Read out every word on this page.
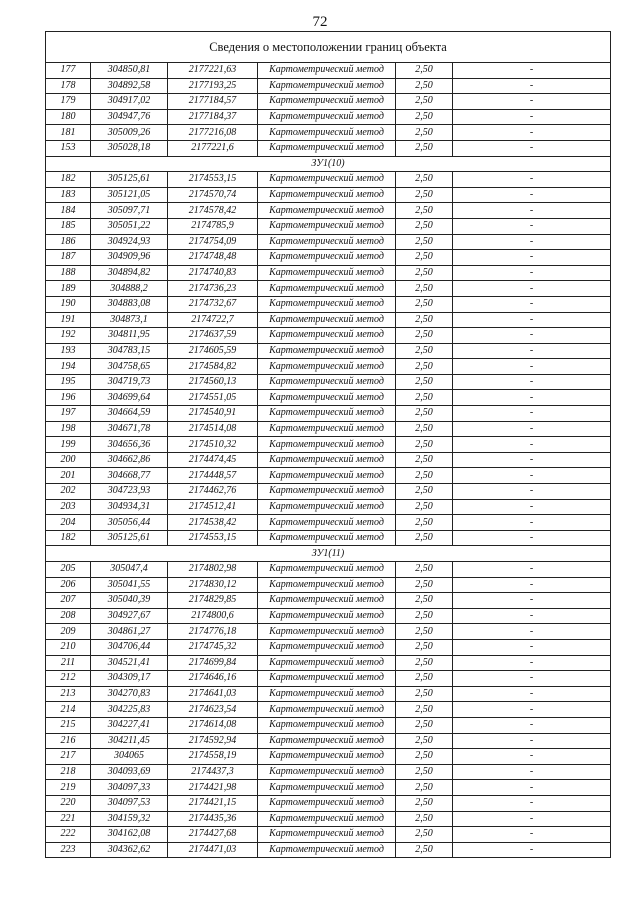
72
Сведения о местоположении границ объекта					
177	304850,81	2177221,63	Картометрический метод	2,50	-
178	304892,58	2177193,25	Картометрический метод	2,50	-
179	304917,02	2177184,57	Картометрический метод	2,50	-
180	304947,76	2177184,37	Картометрический метод	2,50	-
181	305009,26	2177216,08	Картометрический метод	2,50	-
153	305028,18	2177221,6	Картометрический метод	2,50	-
ЗУ1(10)					
182	305125,61	2174553,15	Картометрический метод	2,50	-
183	305121,05	2174570,74	Картометрический метод	2,50	-
184	305097,71	2174578,42	Картометрический метод	2,50	-
185	305051,22	2174785,9	Картометрический метод	2,50	-
186	304924,93	2174754,09	Картометрический метод	2,50	-
187	304909,96	2174748,48	Картометрический метод	2,50	-
188	304894,82	2174740,83	Картометрический метод	2,50	-
189	304888,2	2174736,23	Картометрический метод	2,50	-
190	304883,08	2174732,67	Картометрический метод	2,50	-
191	304873,1	2174722,7	Картометрический метод	2,50	-
192	304811,95	2174637,59	Картометрический метод	2,50	-
193	304783,15	2174605,59	Картометрический метод	2,50	-
194	304758,65	2174584,82	Картометрический метод	2,50	-
195	304719,73	2174560,13	Картометрический метод	2,50	-
196	304699,64	2174551,05	Картометрический метод	2,50	-
197	304664,59	2174540,91	Картометрический метод	2,50	-
198	304671,78	2174514,08	Картометрический метод	2,50	-
199	304656,36	2174510,32	Картометрический метод	2,50	-
200	304662,86	2174474,45	Картометрический метод	2,50	-
201	304668,77	2174448,57	Картометрический метод	2,50	-
202	304723,93	2174462,76	Картометрический метод	2,50	-
203	304934,31	2174512,41	Картометрический метод	2,50	-
204	305056,44	2174538,42	Картометрический метод	2,50	-
182	305125,61	2174553,15	Картометрический метод	2,50	-
ЗУ1(11)					
205	305047,4	2174802,98	Картометрический метод	2,50	-
206	305041,55	2174830,12	Картометрический метод	2,50	-
207	305040,39	2174829,85	Картометрический метод	2,50	-
208	304927,67	2174800,6	Картометрический метод	2,50	-
209	304861,27	2174776,18	Картометрический метод	2,50	-
210	304706,44	2174745,32	Картометрический метод	2,50	-
211	304521,41	2174699,84	Картометрический метод	2,50	-
212	304309,17	2174646,16	Картометрический метод	2,50	-
213	304270,83	2174641,03	Картометрический метод	2,50	-
214	304225,83	2174623,54	Картометрический метод	2,50	-
215	304227,41	2174614,08	Картометрический метод	2,50	-
216	304211,45	2174592,94	Картометрический метод	2,50	-
217	304065	2174558,19	Картометрический метод	2,50	-
218	304093,69	2174437,3	Картометрический метод	2,50	-
219	304097,33	2174421,98	Картометрический метод	2,50	-
220	304097,53	2174421,15	Картометрический метод	2,50	-
221	304159,32	2174435,36	Картометрический метод	2,50	-
222	304162,08	2174427,68	Картометрический метод	2,50	-
223	304362,62	2174471,03	Картометрический метод	2,50	-
